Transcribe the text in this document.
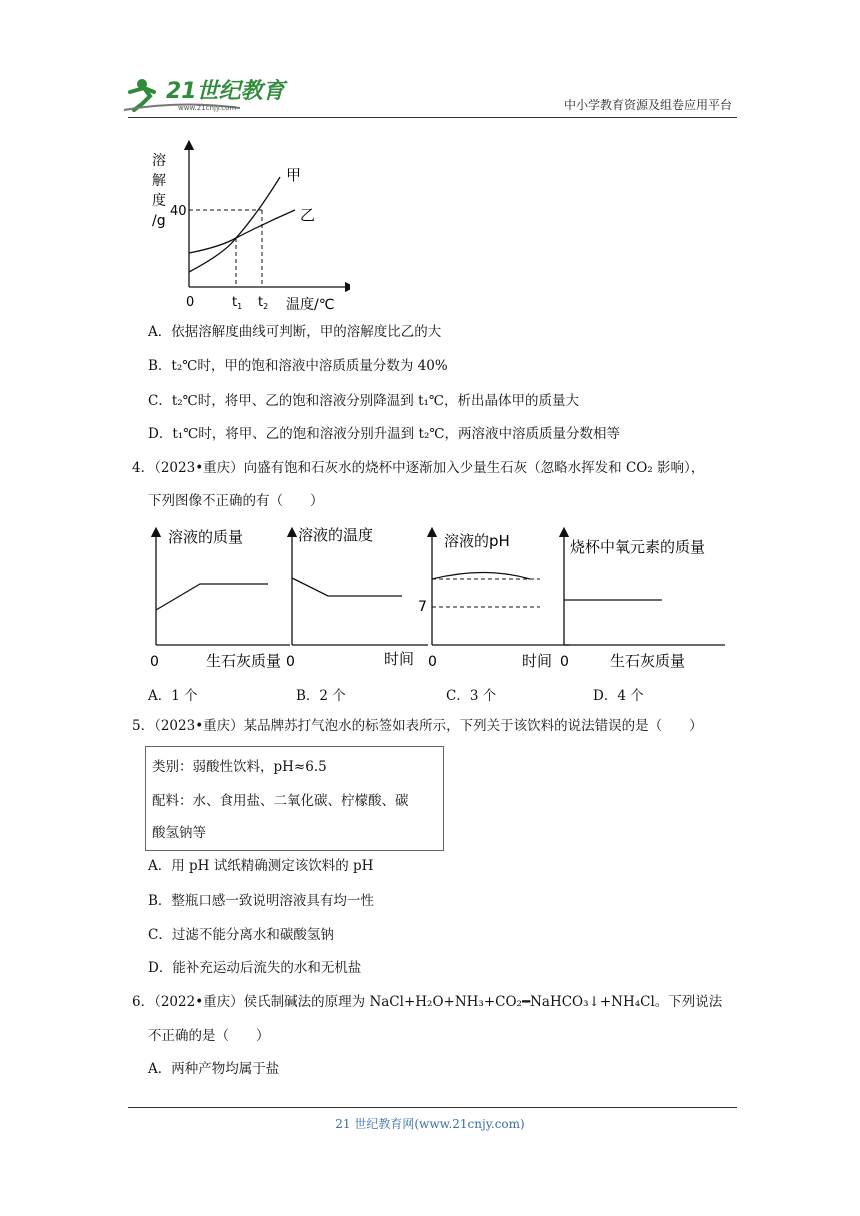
21世纪教育
www.21cnjy.com	中小学教育资源及组卷应用平台
溶
解
度
/g
40
甲
乙
0	$t_1$ $t_2$ 温度/℃
A．依据溶解度曲线可判断，甲的溶解度比乙的大
B．t₂℃时，甲的饱和溶液中溶质质量分数为 40%
C．t₂℃时，将甲、乙的饱和溶液分别降温到 t₁℃，析出晶体甲的质量大
D．t₁℃时，将甲、乙的饱和溶液分别升温到 t₂℃，两溶液中溶质质量分数相等
4．（2023•重庆）向盛有饱和石灰水的烧杯中逐渐加入少量生石灰（忽略水挥发和 CO₂ 影响），
下列图像不正确的有（　　）
溶液的质量
0	生石灰质量
溶液的温度
0	时间
溶液的pH
7
0	时间
烧杯中氧元素的质量
0	生石灰质量
A．1 个	B．2 个	C．3 个	D．4 个
5．（2023•重庆）某品牌苏打气泡水的标签如表所示，下列关于该饮料的说法错误的是（　　）
类别：弱酸性饮料，pH≈6.5
配料：水、食用盐、二氧化碳、柠檬酸、碳
酸氢钠等
A．用 pH 试纸精确测定该饮料的 pH
B．整瓶口感一致说明溶液具有均一性
C．过滤不能分离水和碳酸氢钠
D．能补充运动后流失的水和无机盐
6．（2022•重庆）侯氏制碱法的原理为 NaCl+H₂O+NH₃+CO₂━NaHCO₃↓+NH₄Cl。下列说法
不正确的是（　　）
A．两种产物均属于盐
21 世纪教育网(www.21cnjy.com)
